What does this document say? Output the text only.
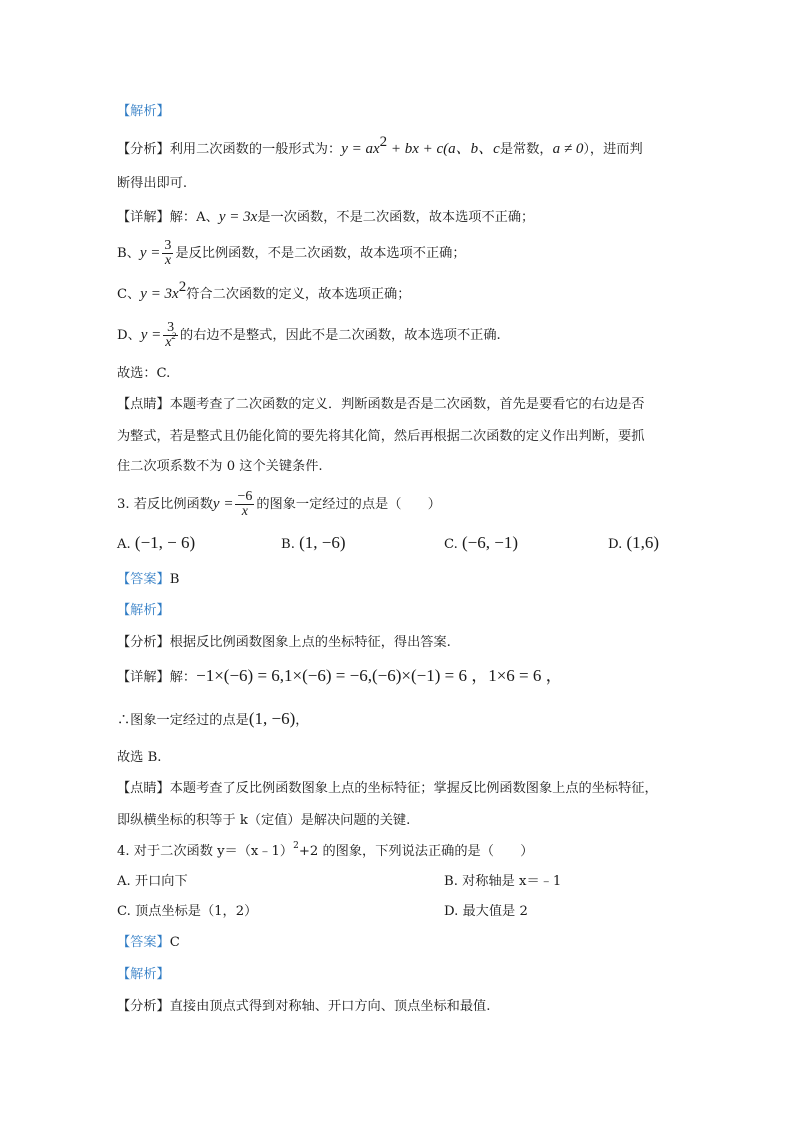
【解析】
【分析】利用二次函数的一般形式为：$y = ax^2$ + bx + c(a、b、c是常数，a ≠ 0），进而判
断得出即可.
【详解】解：A、y = 3x是一次函数，不是二次函数，故本选项不正确；
B、$y = \frac{3}{x}$ 是反比例函数，不是二次函数，故本选项不正确；
C、$y = 3x^2$符合二次函数的定义，故本选项正确；
D、$y = \frac{3}{x^2}$ 的右边不是整式，因此不是二次函数，故本选项不正确.
故选：C.
【点睛】本题考查了二次函数的定义．判断函数是否是二次函数，首先是要看它的右边是否
为整式，若是整式且仍能化简的要先将其化简，然后再根据二次函数的定义作出判断，要抓
住二次项系数不为 0 这个关键条件.
3. 若反比例函数$y = \frac{-6}{x}$ 的图象一定经过的点是（　　）
A. (−1, − 6)	B. (1, −6)	C. (−6, −1)	D. (1,6)
【答案】B
【解析】
【分析】根据反比例函数图象上点的坐标特征，得出答案.
【详解】解：−1×(−6) = 6,1×(−6) = −6,(−6)×(−1) = 6 ，1×6 = 6 ，
∴图象一定经过的点是(1, −6)，
故选 B.
【点睛】本题考查了反比例函数图象上点的坐标特征；掌握反比例函数图象上点的坐标特征，
即纵横坐标的积等于 k（定值）是解决问题的关键.
4. 对于二次函数 y＝（x﹣1）$^2$+2 的图象，下列说法正确的是（　　）
A. 开口向下	B. 对称轴是 x＝﹣1
C. 顶点坐标是（1，2）	D. 最大值是 2
【答案】C
【解析】
【分析】直接由顶点式得到对称轴、开口方向、顶点坐标和最值.
